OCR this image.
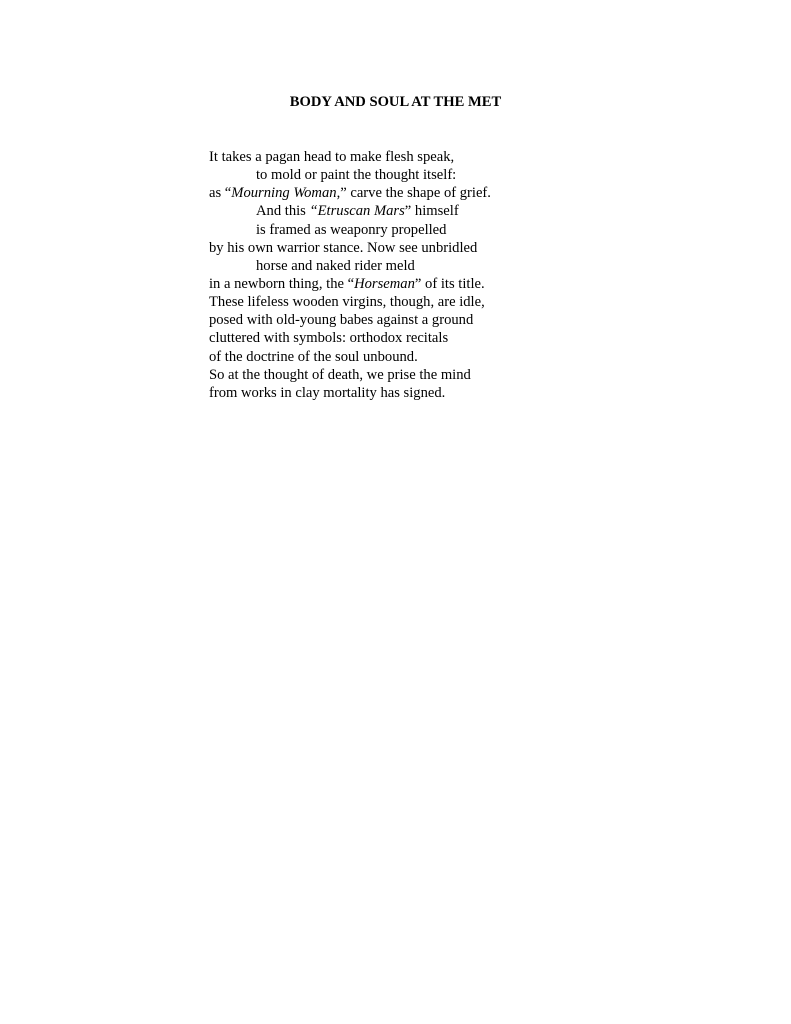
BODY AND SOUL AT THE MET
It takes a pagan head to make flesh speak,
to mold or paint the thought itself:
as “Mourning Woman,” carve the shape of grief.
And this “Etruscan Mars” himself
is framed as weaponry propelled
by his own warrior stance. Now see unbridled
horse and naked rider meld
in a newborn thing, the “Horseman” of its title.
These lifeless wooden virgins, though, are idle,
posed with old-young babes against a ground
cluttered with symbols: orthodox recitals
of the doctrine of the soul unbound.
So at the thought of death, we prise the mind
from works in clay mortality has signed.
